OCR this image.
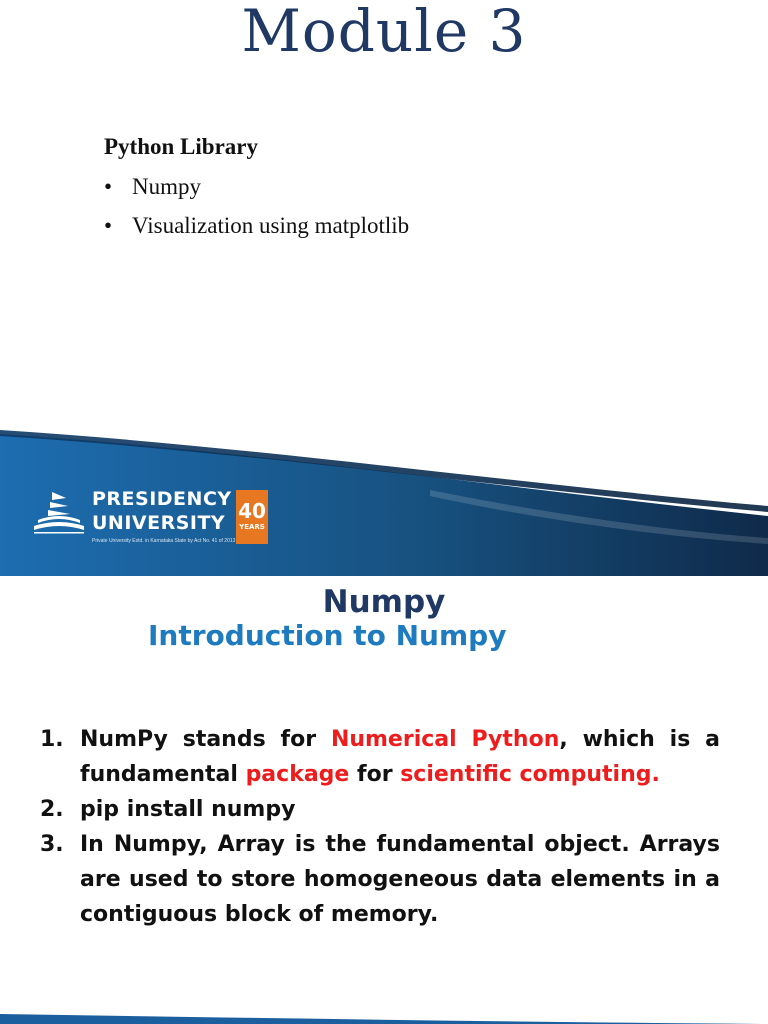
Module 3
Python Library
• Numpy
• Visualization using matplotlib
PRESIDENCY
UNIVERSITY
Private University Estd. in Karnataka State by Act No. 41 of 2013
40
YEARS
Numpy
Introduction to Numpy
1. NumPy stands for Numerical Python, which is a fundamental package for scientific computing.
2. pip install numpy
3. In Numpy, Array is the fundamental object. Arrays are used to store homogeneous data elements in a contiguous block of memory.
